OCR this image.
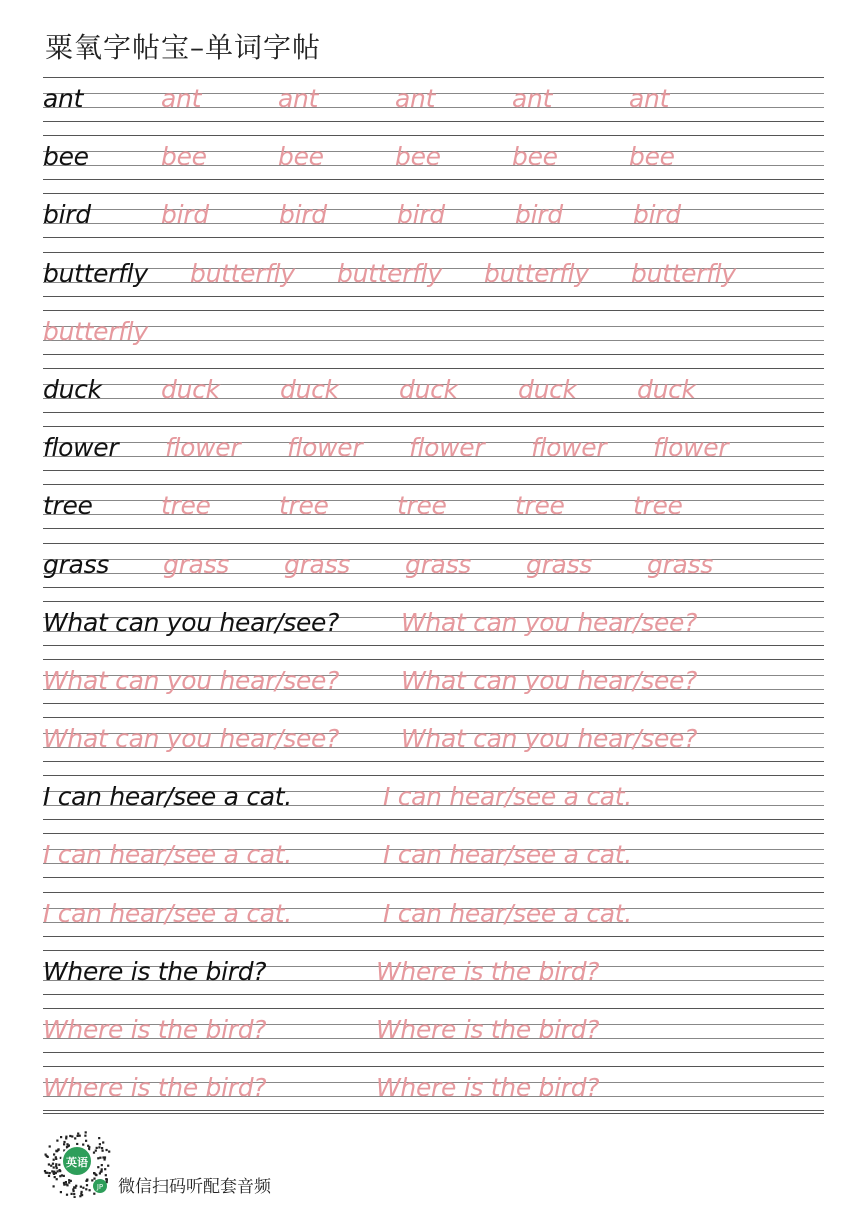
粟氧字帖宝–单词字帖
ant	ant	ant	ant	ant	ant
bee	bee	bee	bee	bee	bee
bird	bird	bird	bird	bird	bird
butterfly butterfly butterfly butterfly butterfly
butterfly
duck duck duck duck duck duck
flower flower flower flower flower flower
tree	tree	tree	tree	tree	tree
grass grass grass grass grass grass
What can you hear/see? What can you hear/see?
What can you hear/see? What can you hear/see?
What can you hear/see? What can you hear/see?
I can hear/see a cat.	I can hear/see a cat.
I can hear/see a cat.	I can hear/see a cat.
I can hear/see a cat.	I can hear/see a cat.
Where is the bird?	Where is the bird?
Where is the bird?	Where is the bird?
Where is the bird?	Where is the bird?
英语
JP 微信扫码听配套音频
